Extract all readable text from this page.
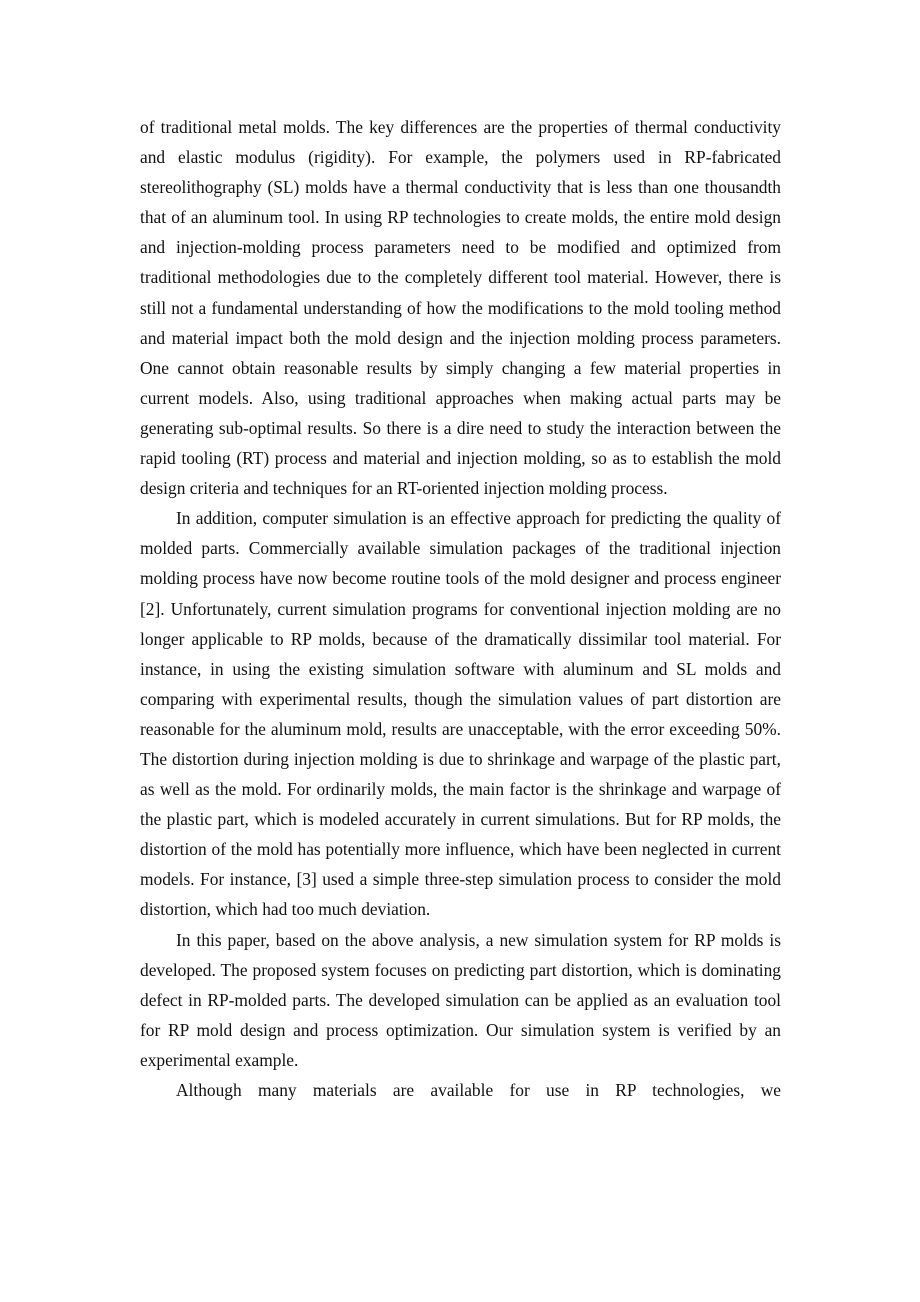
of traditional metal molds. The key differences are the properties of thermal conductivity and elastic modulus (rigidity). For example, the polymers used in RP-fabricated stereolithography (SL) molds have a thermal conductivity that is less than one thousandth that of an aluminum tool. In using RP technologies to create molds, the entire mold design and injection-molding process parameters need to be modified and optimized from traditional methodologies due to the completely different tool material. However, there is still not a fundamental understanding of how the modifications to the mold tooling method and material impact both the mold design and the injection molding process parameters. One cannot obtain reasonable results by simply changing a few material properties in current models. Also, using traditional approaches when making actual parts may be generating sub-optimal results. So there is a dire need to study the interaction between the rapid tooling (RT) process and material and injection molding, so as to establish the mold design criteria and techniques for an RT-oriented injection molding process.

In addition, computer simulation is an effective approach for predicting the quality of molded parts. Commercially available simulation packages of the traditional injection molding process have now become routine tools of the mold designer and process engineer [2]. Unfortunately, current simulation programs for conventional injection molding are no longer applicable to RP molds, because of the dramatically dissimilar tool material. For instance, in using the existing simulation software with aluminum and SL molds and comparing with experimental results, though the simulation values of part distortion are reasonable for the aluminum mold, results are unacceptable, with the error exceeding 50%. The distortion during injection molding is due to shrinkage and warpage of the plastic part, as well as the mold. For ordinarily molds, the main factor is the shrinkage and warpage of the plastic part, which is modeled accurately in current simulations. But for RP molds, the distortion of the mold has potentially more influence, which have been neglected in current models. For instance, [3] used a simple three-step simulation process to consider the mold distortion, which had too much deviation.

In this paper, based on the above analysis, a new simulation system for RP molds is developed. The proposed system focuses on predicting part distortion, which is dominating defect in RP-molded parts. The developed simulation can be applied as an evaluation tool for RP mold design and process optimization. Our simulation system is verified by an experimental example.

Although many materials are available for use in RP technologies, we
